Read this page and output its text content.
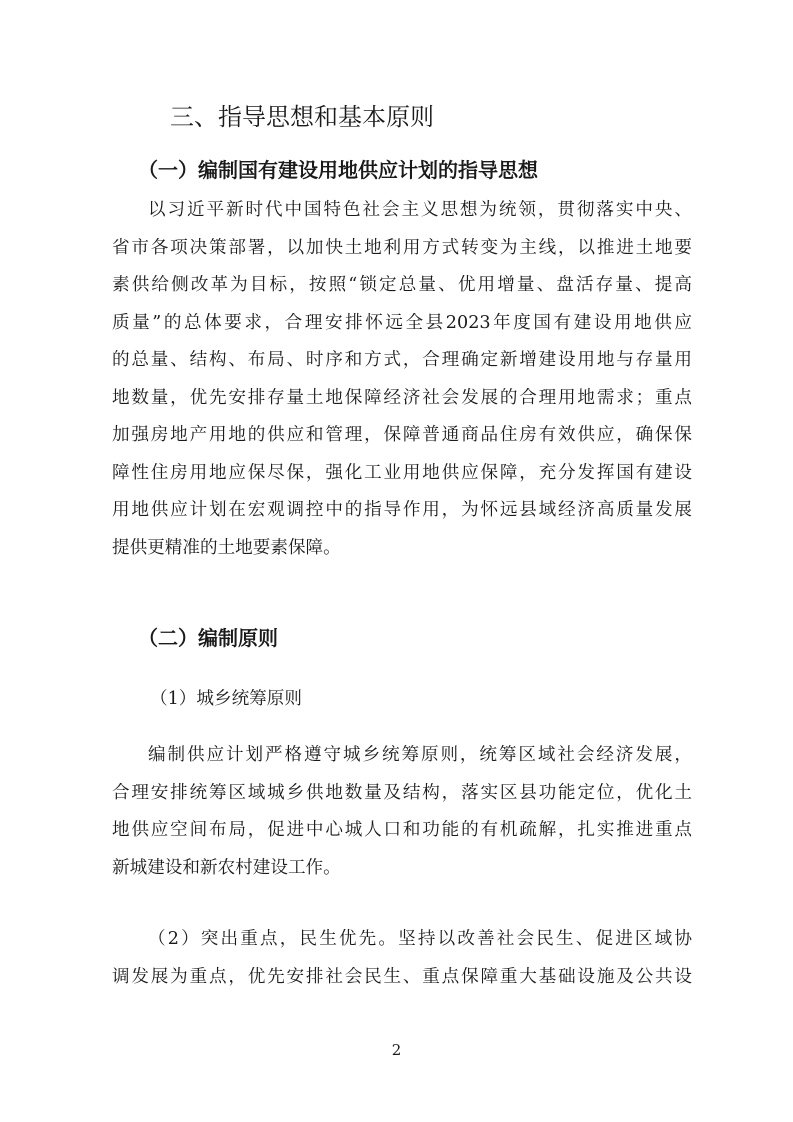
三、指导思想和基本原则
（一）编制国有建设用地供应计划的指导思想
以习近平新时代中国特色社会主义思想为统领，贯彻落实中央、
省市各项决策部署，以加快土地利用方式转变为主线，以推进土地要
素供给侧改革为目标，按照“锁定总量、优用增量、盘活存量、提高
质量”的总体要求，合理安排怀远全县2023年度国有建设用地供应
的总量、结构、布局、时序和方式，合理确定新增建设用地与存量用
地数量，优先安排存量土地保障经济社会发展的合理用地需求；重点
加强房地产用地的供应和管理，保障普通商品住房有效供应，确保保
障性住房用地应保尽保，强化工业用地供应保障，充分发挥国有建设
用地供应计划在宏观调控中的指导作用，为怀远县域经济高质量发展
提供更精准的土地要素保障。
（二）编制原则

（1）城乡统筹原则

编制供应计划严格遵守城乡统筹原则，统筹区域社会经济发展，
合理安排统筹区域城乡供地数量及结构，落实区县功能定位，优化土
地供应空间布局，促进中心城人口和功能的有机疏解，扎实推进重点
新城建设和新农村建设工作。
（2）突出重点，民生优先。坚持以改善社会民生、促进区域协
调发展为重点，优先安排社会民生、重点保障重大基础设施及公共设
2
